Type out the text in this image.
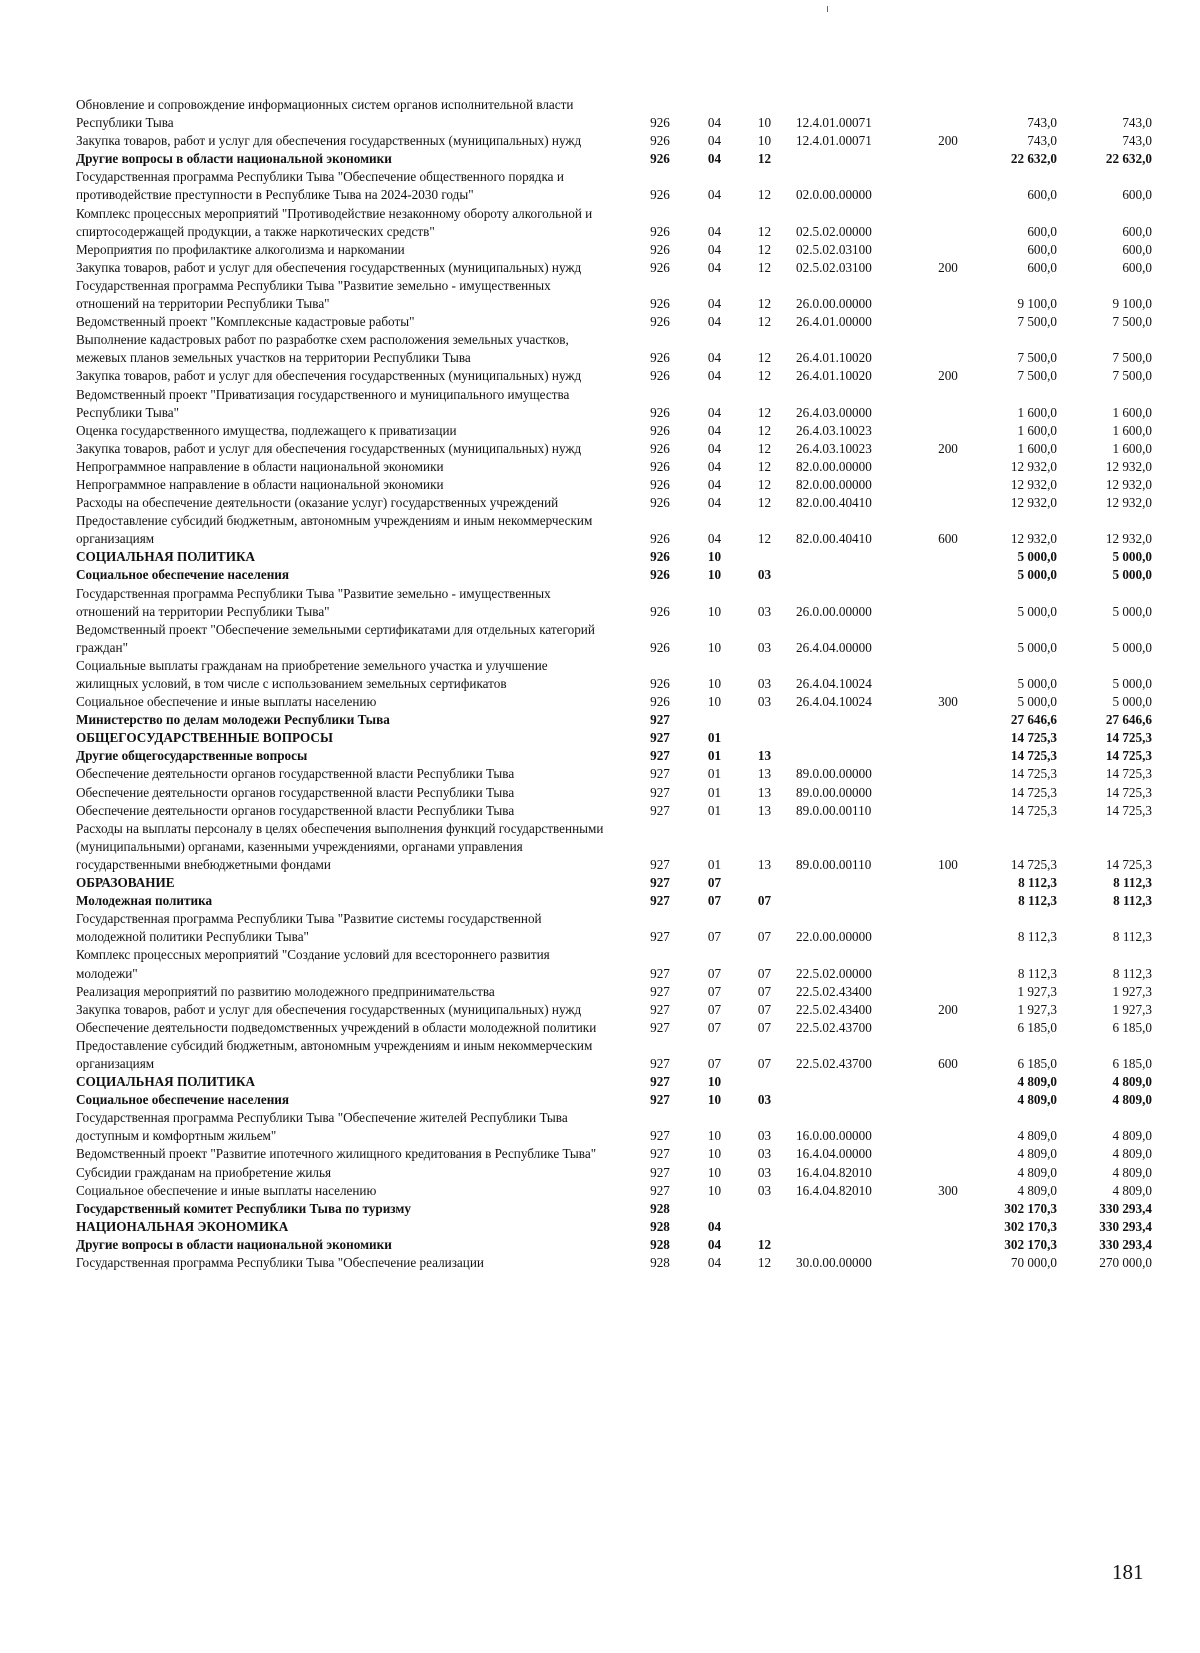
Обновление и сопровождение информационных систем органов исполнительной власти Республики Тыва	926	04	10	12.4.01.00071		743,0	743,0
Закупка товаров, работ и услуг для обеспечения государственных (муниципальных) нужд	926	04	10	12.4.01.00071	200	743,0	743,0
Другие вопросы в области национальной экономики	926	04	12			22 632,0	22 632,0
Государственная программа Республики Тыва "Обеспечение общественного порядка и противодействие преступности в Республике Тыва на 2024-2030 годы"	926	04	12	02.0.00.00000		600,0	600,0
Комплекс процессных мероприятий "Противодействие незаконному обороту алкогольной и спиртосодержащей продукции, а также наркотических средств"	926	04	12	02.5.02.00000		600,0	600,0
Мероприятия по профилактике алкоголизма и наркомании	926	04	12	02.5.02.03100		600,0	600,0
Закупка товаров, работ и услуг для обеспечения государственных (муниципальных) нужд	926	04	12	02.5.02.03100	200	600,0	600,0
Государственная программа Республики Тыва "Развитие земельно - имущественных отношений на территории Республики Тыва"	926	04	12	26.0.00.00000		9 100,0	9 100,0
Ведомственный проект "Комплексные кадастровые работы"	926	04	12	26.4.01.00000		7 500,0	7 500,0
Выполнение кадастровых работ по разработке схем расположения земельных участков, межевых планов земельных участков на территории Республики Тыва	926	04	12	26.4.01.10020		7 500,0	7 500,0
Закупка товаров, работ и услуг для обеспечения государственных (муниципальных) нужд	926	04	12	26.4.01.10020	200	7 500,0	7 500,0
Ведомственный проект "Приватизация государственного и муниципального имущества Республики Тыва"	926	04	12	26.4.03.00000		1 600,0	1 600,0
Оценка государственного имущества, подлежащего к приватизации	926	04	12	26.4.03.10023		1 600,0	1 600,0
Закупка товаров, работ и услуг для обеспечения государственных (муниципальных) нужд	926	04	12	26.4.03.10023	200	1 600,0	1 600,0
Непрограммное направление в области национальной экономики	926	04	12	82.0.00.00000		12 932,0	12 932,0
Непрограммное направление в области национальной экономики	926	04	12	82.0.00.00000		12 932,0	12 932,0
Расходы на обеспечение деятельности (оказание услуг) государственных учреждений	926	04	12	82.0.00.40410		12 932,0	12 932,0
Предоставление субсидий бюджетным, автономным учреждениям и иным некоммерческим организациям	926	04	12	82.0.00.40410	600	12 932,0	12 932,0
СОЦИАЛЬНАЯ ПОЛИТИКА	926	10				5 000,0	5 000,0
Социальное обеспечение населения	926	10	03			5 000,0	5 000,0
Государственная программа Республики Тыва "Развитие земельно - имущественных отношений на территории Республики Тыва"	926	10	03	26.0.00.00000		5 000,0	5 000,0
Ведомственный проект "Обеспечение земельными сертификатами для отдельных категорий граждан"	926	10	03	26.4.04.00000		5 000,0	5 000,0
Социальные выплаты гражданам на приобретение земельного участка и улучшение жилищных условий, в том числе с использованием земельных сертификатов	926	10	03	26.4.04.10024		5 000,0	5 000,0
Социальное обеспечение и иные выплаты населению	926	10	03	26.4.04.10024	300	5 000,0	5 000,0
Министерство по делам молодежи Республики Тыва	927					27 646,6	27 646,6
ОБЩЕГОСУДАРСТВЕННЫЕ ВОПРОСЫ	927	01				14 725,3	14 725,3
Другие общегосударственные вопросы	927	01	13			14 725,3	14 725,3
Обеспечение деятельности органов государственной власти Республики Тыва	927	01	13	89.0.00.00000		14 725,3	14 725,3
Обеспечение деятельности органов государственной власти Республики Тыва	927	01	13	89.0.00.00000		14 725,3	14 725,3
Обеспечение деятельности органов государственной власти Республики Тыва	927	01	13	89.0.00.00110		14 725,3	14 725,3
Расходы на выплаты персоналу в целях обеспечения выполнения функций государственными (муниципальными) органами, казенными учреждениями, органами управления государственными внебюджетными фондами	927	01	13	89.0.00.00110	100	14 725,3	14 725,3
ОБРАЗОВАНИЕ	927	07				8 112,3	8 112,3
Молодежная политика	927	07	07			8 112,3	8 112,3
Государственная программа Республики Тыва "Развитие системы государственной молодежной политики Республики Тыва"	927	07	07	22.0.00.00000		8 112,3	8 112,3
Комплекс процессных мероприятий "Создание условий для всестороннего развития молодежи"	927	07	07	22.5.02.00000		8 112,3	8 112,3
Реализация мероприятий по развитию молодежного предпринимательства	927	07	07	22.5.02.43400		1 927,3	1 927,3
Закупка товаров, работ и услуг для обеспечения государственных (муниципальных) нужд	927	07	07	22.5.02.43400	200	1 927,3	1 927,3
Обеспечение деятельности подведомственных учреждений в области молодежной политики	927	07	07	22.5.02.43700		6 185,0	6 185,0
Предоставление субсидий бюджетным, автономным учреждениям и иным некоммерческим организациям	927	07	07	22.5.02.43700	600	6 185,0	6 185,0
СОЦИАЛЬНАЯ ПОЛИТИКА	927	10				4 809,0	4 809,0
Социальное обеспечение населения	927	10	03			4 809,0	4 809,0
Государственная программа Республики Тыва "Обеспечение жителей Республики Тыва доступным и комфортным жильем"	927	10	03	16.0.00.00000		4 809,0	4 809,0
Ведомственный проект "Развитие ипотечного жилищного кредитования в Республике Тыва"	927	10	03	16.4.04.00000		4 809,0	4 809,0
Субсидии гражданам на приобретение жилья	927	10	03	16.4.04.82010		4 809,0	4 809,0
Социальное обеспечение и иные выплаты населению	927	10	03	16.4.04.82010	300	4 809,0	4 809,0
Государственный комитет Республики Тыва по туризму	928					302 170,3	330 293,4
НАЦИОНАЛЬНАЯ ЭКОНОМИКА	928	04				302 170,3	330 293,4
Другие вопросы в области национальной экономики	928	04	12			302 170,3	330 293,4
Государственная программа Республики Тыва "Обеспечение реализации	928	04	12	30.0.00.00000		70 000,0	270 000,0
181
